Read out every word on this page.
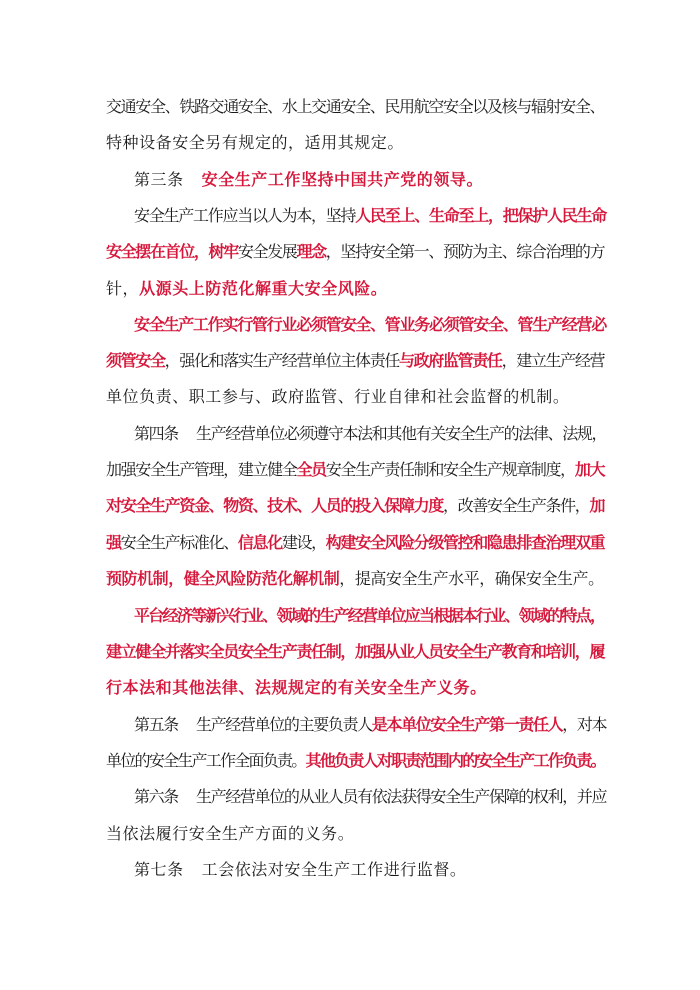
交通安全、铁路交通安全、水上交通安全、民用航空安全以及核与辐射安全、
特种设备安全另有规定的，适用其规定。
第三条 安全生产工作坚持中国共产党的领导。
安全生产工作应当以人为本，坚持人民至上、生命至上，把保护人民生命
安全摆在首位，树牢安全发展理念，坚持安全第一、预防为主、综合治理的方
针，从源头上防范化解重大安全风险。
安全生产工作实行管行业必须管安全、管业务必须管安全、管生产经营必
须管安全，强化和落实生产经营单位主体责任与政府监管责任，建立生产经营
单位负责、职工参与、政府监管、行业自律和社会监督的机制。
第四条 生产经营单位必须遵守本法和其他有关安全生产的法律、法规，
加强安全生产管理，建立健全全员安全生产责任制和安全生产规章制度，加大
对安全生产资金、物资、技术、人员的投入保障力度，改善安全生产条件，加
强安全生产标准化、信息化建设，构建安全风险分级管控和隐患排查治理双重
预防机制，健全风险防范化解机制，提高安全生产水平，确保安全生产。
平台经济等新兴行业、领域的生产经营单位应当根据本行业、领域的特点，
建立健全并落实全员安全生产责任制，加强从业人员安全生产教育和培训，履
行本法和其他法律、法规规定的有关安全生产义务。
第五条 生产经营单位的主要负责人是本单位安全生产第一责任人，对本
单位的安全生产工作全面负责。其他负责人对职责范围内的安全生产工作负责。
第六条 生产经营单位的从业人员有依法获得安全生产保障的权利，并应
当依法履行安全生产方面的义务。
第七条 工会依法对安全生产工作进行监督。
